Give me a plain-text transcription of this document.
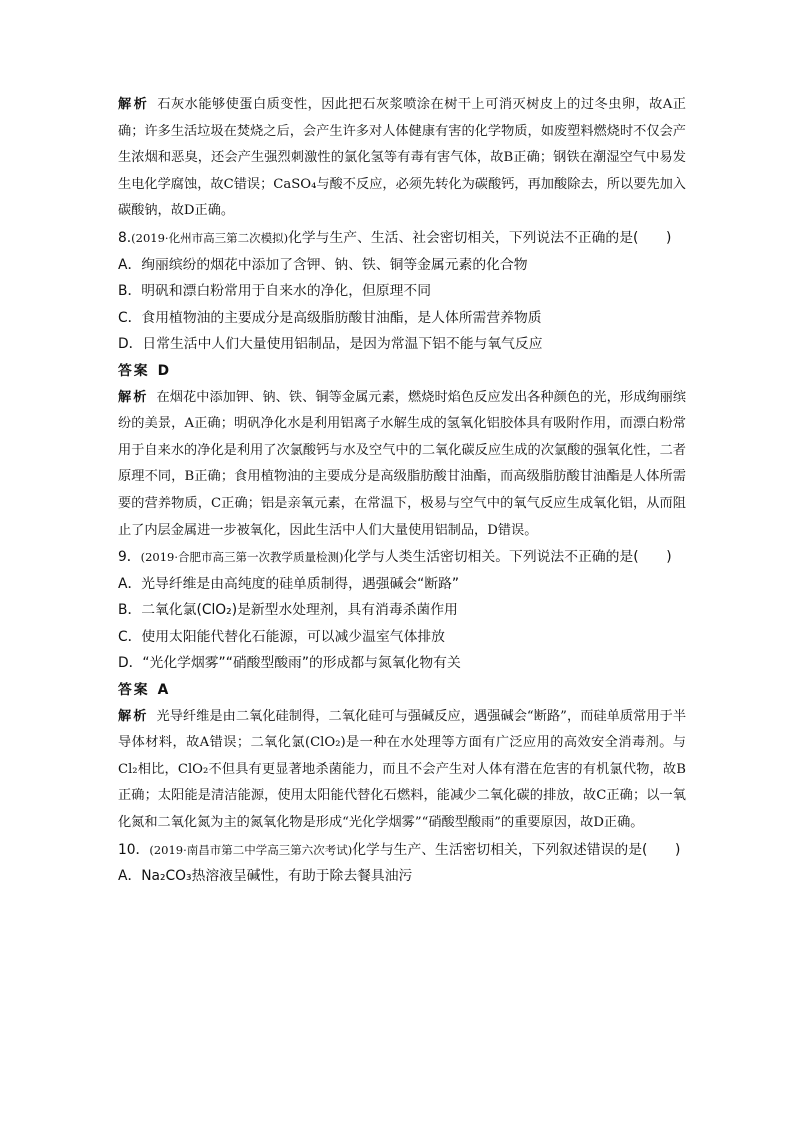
解析 石灰水能够使蛋白质变性，因此把石灰浆喷涂在树干上可消灭树皮上的过冬虫卵，故A正确；许多生活垃圾在焚烧之后，会产生许多对人体健康有害的化学物质，如废塑料燃烧时不仅会产生浓烟和恶臭，还会产生强烈刺激性的氯化氢等有毒有害气体，故B正确；钢铁在潮湿空气中易发生电化学腐蚀，故C错误；CaSO₄与酸不反应，必须先转化为碳酸钙，再加酸除去，所以要先加入碳酸钠，故D正确。

8.(2019·化州市高三第二次模拟)化学与生产、生活、社会密切相关，下列说法不正确的是(　　)

A．绚丽缤纷的烟花中添加了含钾、钠、铁、铜等金属元素的化合物

B．明矾和漂白粉常用于自来水的净化，但原理不同

C．食用植物油的主要成分是高级脂肪酸甘油酯，是人体所需营养物质

D．日常生活中人们大量使用铝制品，是因为常温下铝不能与氧气反应

答案 D

解析 在烟花中添加钾、钠、铁、铜等金属元素，燃烧时焰色反应发出各种颜色的光，形成绚丽缤纷的美景，A正确；明矾净化水是利用铝离子水解生成的氢氧化铝胶体具有吸附作用，而漂白粉常用于自来水的净化是利用了次氯酸钙与水及空气中的二氧化碳反应生成的次氯酸的强氧化性，二者原理不同，B正确；食用植物油的主要成分是高级脂肪酸甘油酯，而高级脂肪酸甘油酯是人体所需要的营养物质，C正确；铝是亲氧元素，在常温下，极易与空气中的氧气反应生成氧化铝，从而阻止了内层金属进一步被氧化，因此生活中人们大量使用铝制品，D错误。

9．(2019·合肥市高三第一次教学质量检测)化学与人类生活密切相关。下列说法不正确的是(　　)

A．光导纤维是由高纯度的硅单质制得，遇强碱会“断路”

B．二氧化氯(ClO₂)是新型水处理剂，具有消毒杀菌作用

C．使用太阳能代替化石能源，可以减少温室气体排放

D．“光化学烟雾”“硝酸型酸雨”的形成都与氮氧化物有关

答案 A

解析 光导纤维是由二氧化硅制得，二氧化硅可与强碱反应，遇强碱会“断路”，而硅单质常用于半导体材料，故A错误；二氧化氯(ClO₂)是一种在水处理等方面有广泛应用的高效安全消毒剂。与Cl₂相比，ClO₂不但具有更显著地杀菌能力，而且不会产生对人体有潜在危害的有机氯代物，故B正确；太阳能是清洁能源，使用太阳能代替化石燃料，能减少二氧化碳的排放，故C正确；以一氧化氮和二氧化氮为主的氮氧化物是形成“光化学烟雾”“硝酸型酸雨”的重要原因，故D正确。

10．(2019·南昌市第二中学高三第六次考试)化学与生产、生活密切相关，下列叙述错误的是(　　)

A．Na₂CO₃热溶液呈碱性，有助于除去餐具油污
